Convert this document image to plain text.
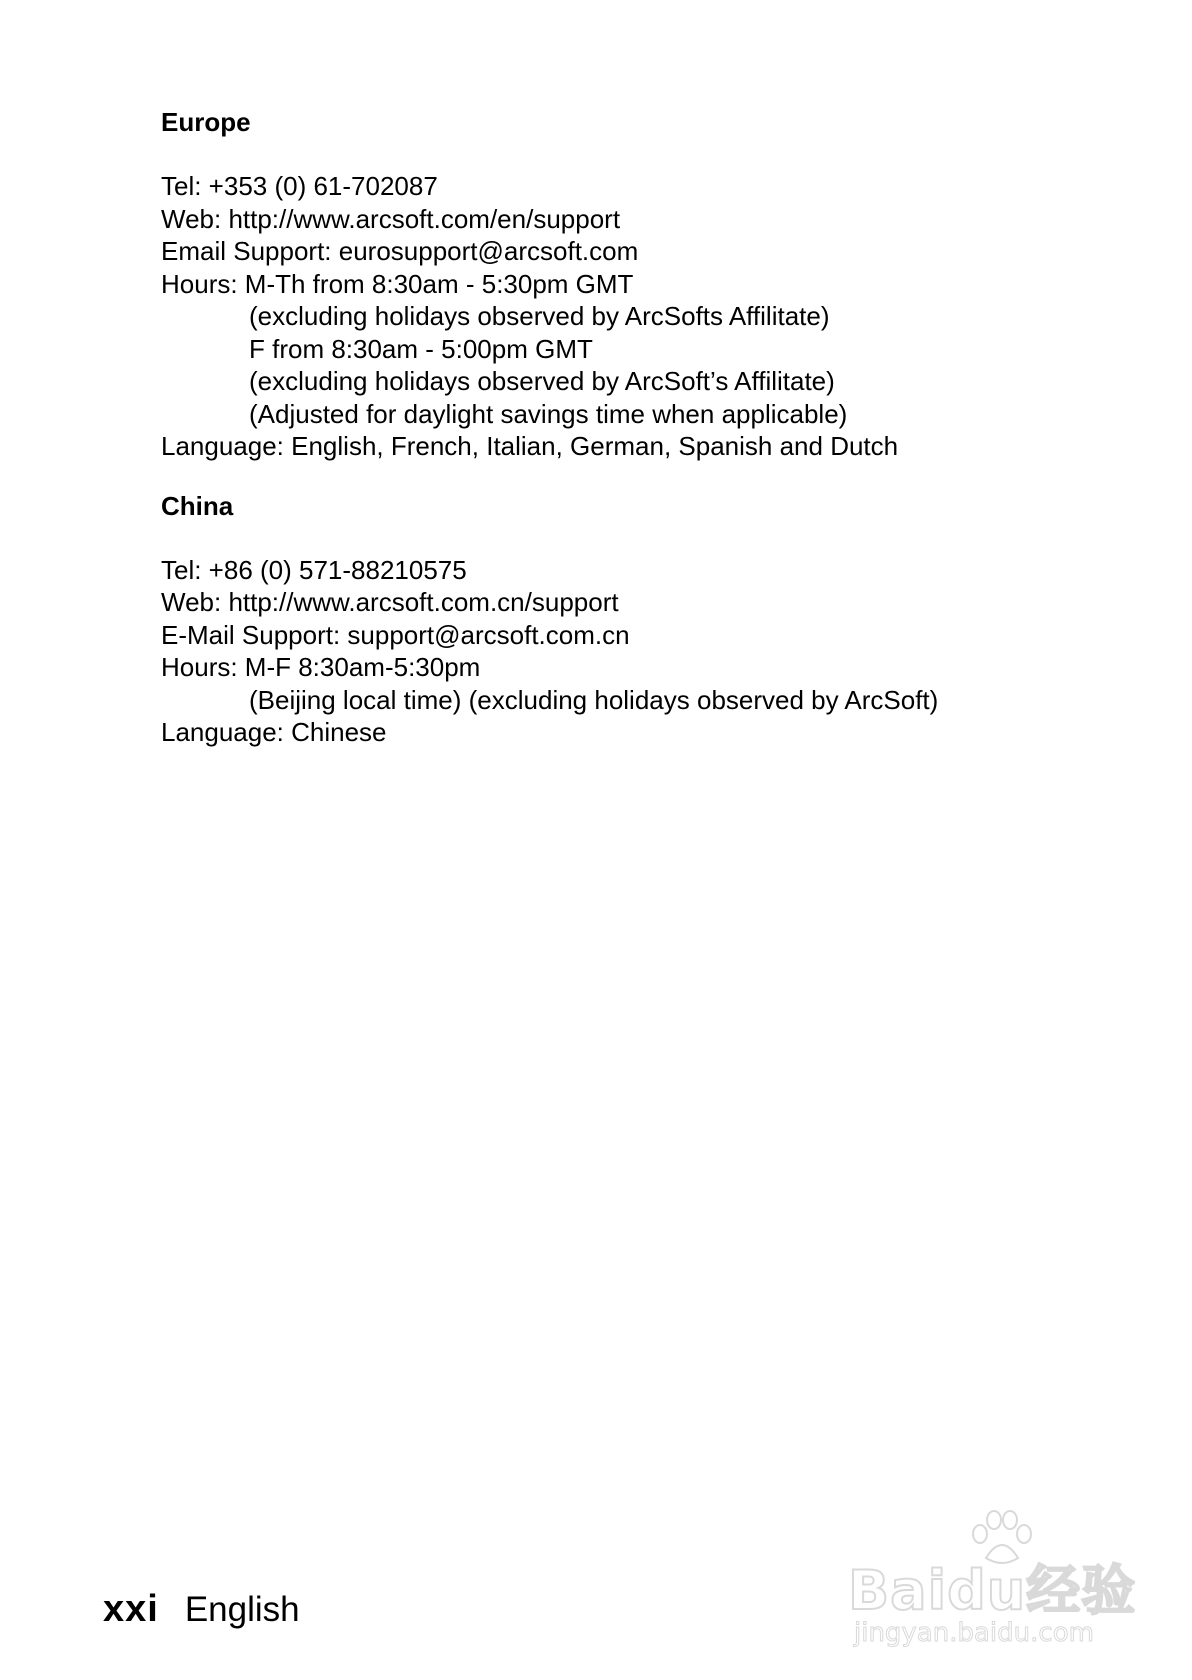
Europe
Tel: +353 (0) 61-702087
Web: http://www.arcsoft.com/en/support
Email Support: eurosupport@arcsoft.com
Hours: M-Th from 8:30am - 5:30pm GMT
(excluding holidays observed by ArcSofts Affilitate)
F from 8:30am - 5:00pm GMT
(excluding holidays observed by ArcSoft’s Affilitate)
(Adjusted for daylight savings time when applicable)
Language: English, French, Italian, German, Spanish and Dutch
China
Tel: +86 (0) 571-88210575
Web: http://www.arcsoft.com.cn/support
E-Mail Support: support@arcsoft.com.cn
Hours: M-F 8:30am-5:30pm
(Beijing local time) (excluding holidays observed by ArcSoft)
Language: Chinese
xxi English	Baidu经验
jingyan.baidu.com
